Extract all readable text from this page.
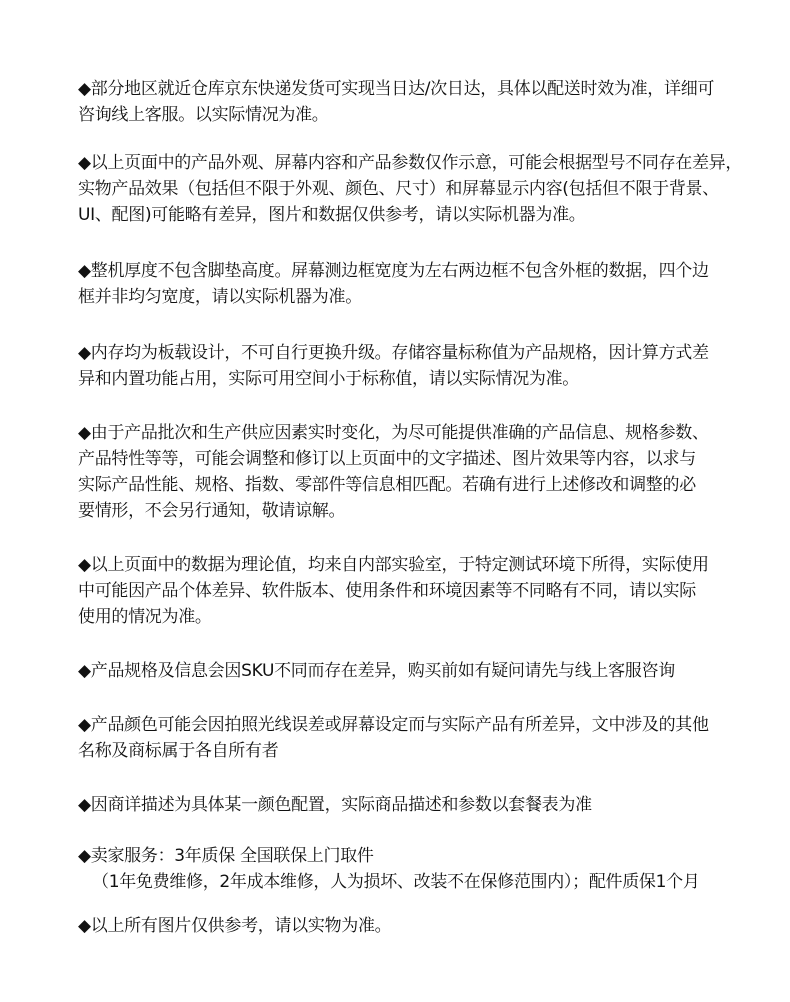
◆部分地区就近仓库京东快递发货可实现当日达/次日达，具体以配送时效为准，详细可
咨询线上客服。以实际情况为准。

◆以上页面中的产品外观、屏幕内容和产品参数仅作示意，可能会根据型号不同存在差异，
实物产品效果（包括但不限于外观、颜色、尺寸）和屏幕显示内容(包括但不限于背景、
UI、配图)可能略有差异，图片和数据仅供参考，请以实际机器为准。

◆整机厚度不包含脚垫高度。屏幕测边框宽度为左右两边框不包含外框的数据，四个边
框并非均匀宽度，请以实际机器为准。

◆内存均为板载设计，不可自行更换升级。存储容量标称值为产品规格，因计算方式差
异和内置功能占用，实际可用空间小于标称值，请以实际情况为准。

◆由于产品批次和生产供应因素实时变化，为尽可能提供准确的产品信息、规格参数、
产品特性等等，可能会调整和修订以上页面中的文字描述、图片效果等内容，以求与
实际产品性能、规格、指数、零部件等信息相匹配。若确有进行上述修改和调整的必
要情形，不会另行通知，敬请谅解。

◆以上页面中的数据为理论值，均来自内部实验室，于特定测试环境下所得，实际使用
中可能因产品个体差异、软件版本、使用条件和环境因素等不同略有不同，请以实际
使用的情况为准。

◆产品规格及信息会因SKU不同而存在差异，购买前如有疑问请先与线上客服咨询

◆产品颜色可能会因拍照光线误差或屏幕设定而与实际产品有所差异，文中涉及的其他
名称及商标属于各自所有者

◆因商详描述为具体某一颜色配置，实际商品描述和参数以套餐表为准

◆卖家服务：3年质保 全国联保上门取件
（1年免费维修，2年成本维修，人为损坏、改装不在保修范围内）；配件质保1个月

◆以上所有图片仅供参考，请以实物为准。
